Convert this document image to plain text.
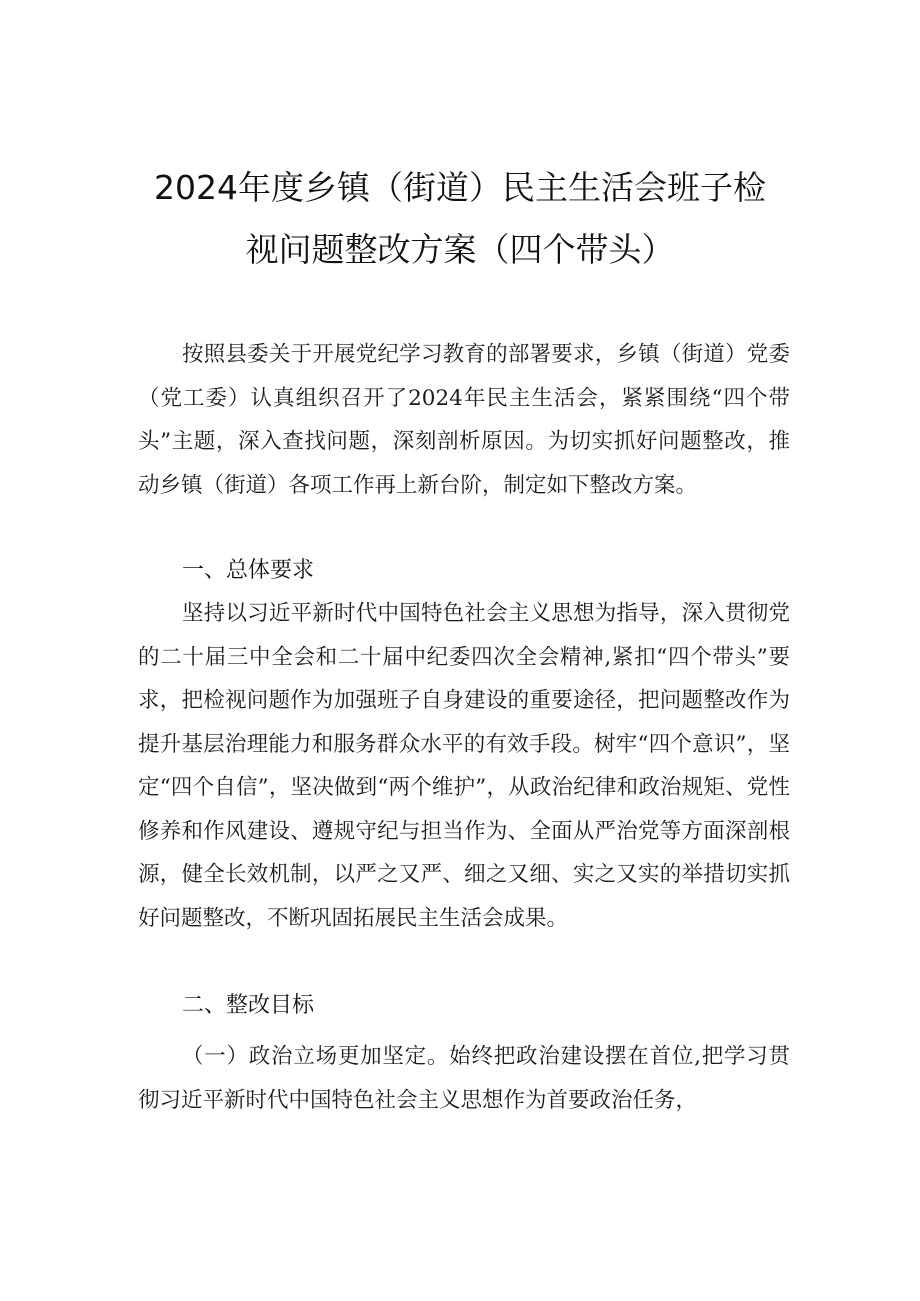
2024年度乡镇（街道）民主生活会班子检
视问题整改方案（四个带头）

按照县委关于开展党纪学习教育的部署要求，乡镇（街道）党委（党工委）认真组织召开了2024年民主生活会，紧紧围绕“四个带头”主题，深入查找问题，深刻剖析原因。为切实抓好问题整改，推动乡镇（街道）各项工作再上新台阶，制定如下整改方案。

一、总体要求

坚持以习近平新时代中国特色社会主义思想为指导，深入贯彻党的二十届三中全会和二十届中纪委四次全会精神,紧扣“四个带头”要求，把检视问题作为加强班子自身建设的重要途径，把问题整改作为提升基层治理能力和服务群众水平的有效手段。树牢“四个意识”，坚定“四个自信”，坚决做到“两个维护”，从政治纪律和政治规矩、党性修养和作风建设、遵规守纪与担当作为、全面从严治党等方面深剖根源，健全长效机制，以严之又严、细之又细、实之又实的举措切实抓好问题整改，不断巩固拓展民主生活会成果。

二、整改目标

（一）政治立场更加坚定。始终把政治建设摆在首位,把学习贯彻习近平新时代中国特色社会主义思想作为首要政治任务，
